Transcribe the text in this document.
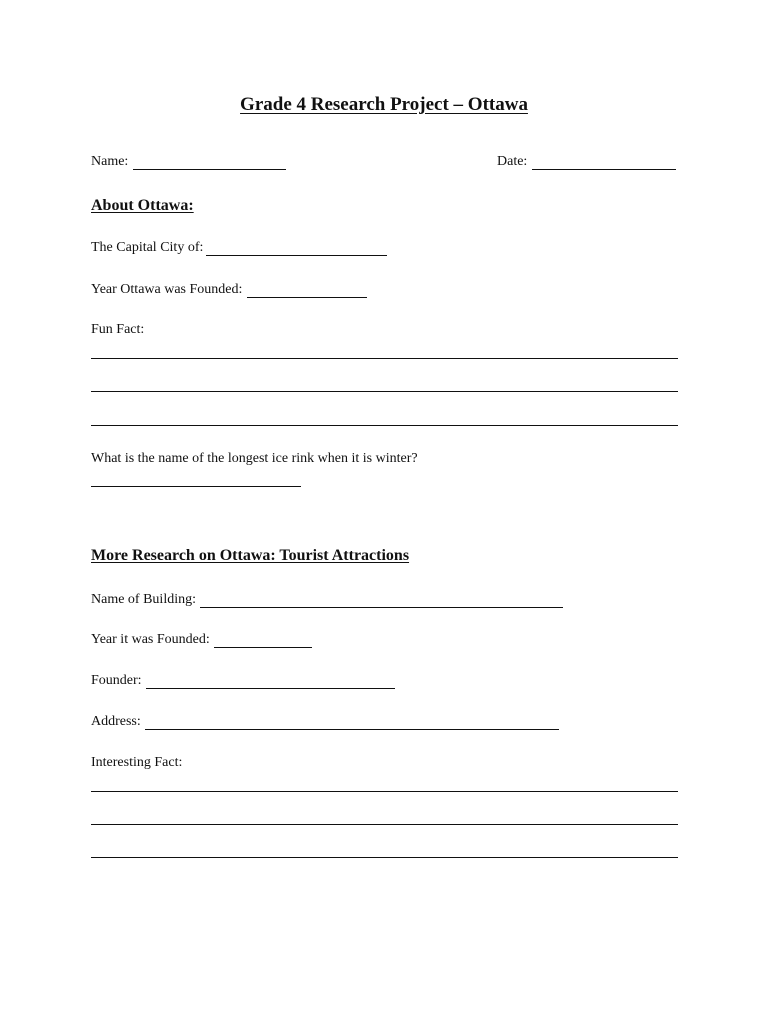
Grade 4 Research Project – Ottawa
Name:	Date:
About Ottawa:
The Capital City of:
Year Ottawa was Founded:
Fun Fact:
What is the name of the longest ice rink when it is winter?
More Research on Ottawa: Tourist Attractions
Name of Building:
Year it was Founded:
Founder:
Address:
Interesting Fact:
